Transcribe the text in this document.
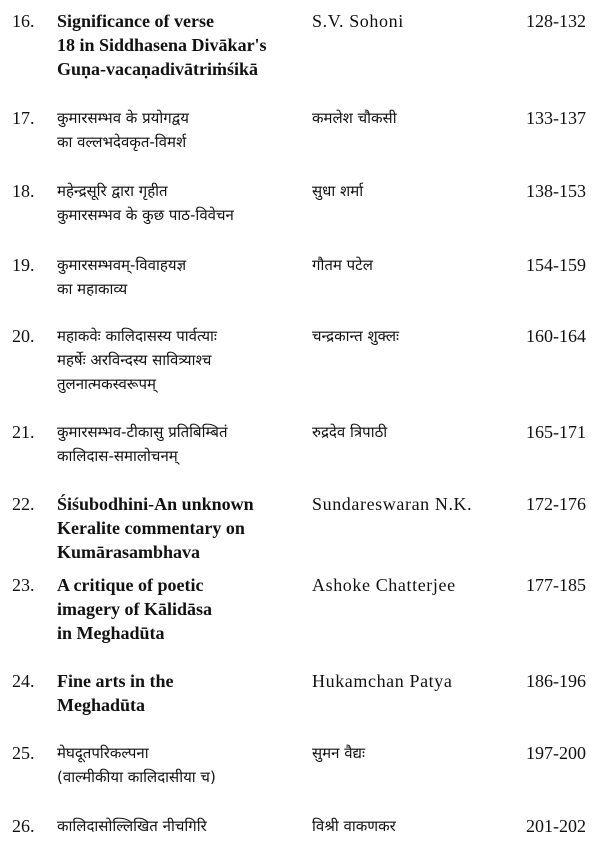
16. Significance of verse
18 in Siddhasena Divākar's
Guṇa-vacaṇadivātriṁśikā
S.V. Sohoni	128-132
17. कुमारसम्भव के प्रयोगद्वय
का वल्लभदेवकृत-विमर्श
कमलेश चौकसी	133-137
18. महेन्द्रसूरि द्वारा गृहीत
कुमारसम्भव के कुछ पाठ-विवेचन
सुधा शर्मा	138-153
19. कुमारसम्भवम्-विवाहयज्ञ
का महाकाव्य
गौतम पटेल	154-159
20. महाकवेः कालिदासस्य पार्वत्याः
महर्षेः अरविन्दस्य सावित्र्याश्च
तुलनात्मकस्वरूपम्
चन्द्रकान्त शुक्लः	160-164
21. कुमारसम्भव-टीकासु प्रतिबिम्बितं
कालिदास-समालोचनम्
रुद्रदेव त्रिपाठी	165-171
22. Śiśubodhini-An unknown
Keralite commentary on
Kumārasambhava
Sundareswaran N.K.	172-176
23. A critique of poetic
imagery of Kālidāsa
in Meghadūta
Ashoke Chatterjee	177-185
24. Fine arts in the
Meghadūta
Hukamchan Patya	186-196
25. मेघदूतपरिकल्पना
(वाल्मीकीया कालिदासीया च)
सुमन वैद्यः	197-200
26. कालिदासोल्लिखित नीचगिरि	विश्री वाकणकर	201-202
